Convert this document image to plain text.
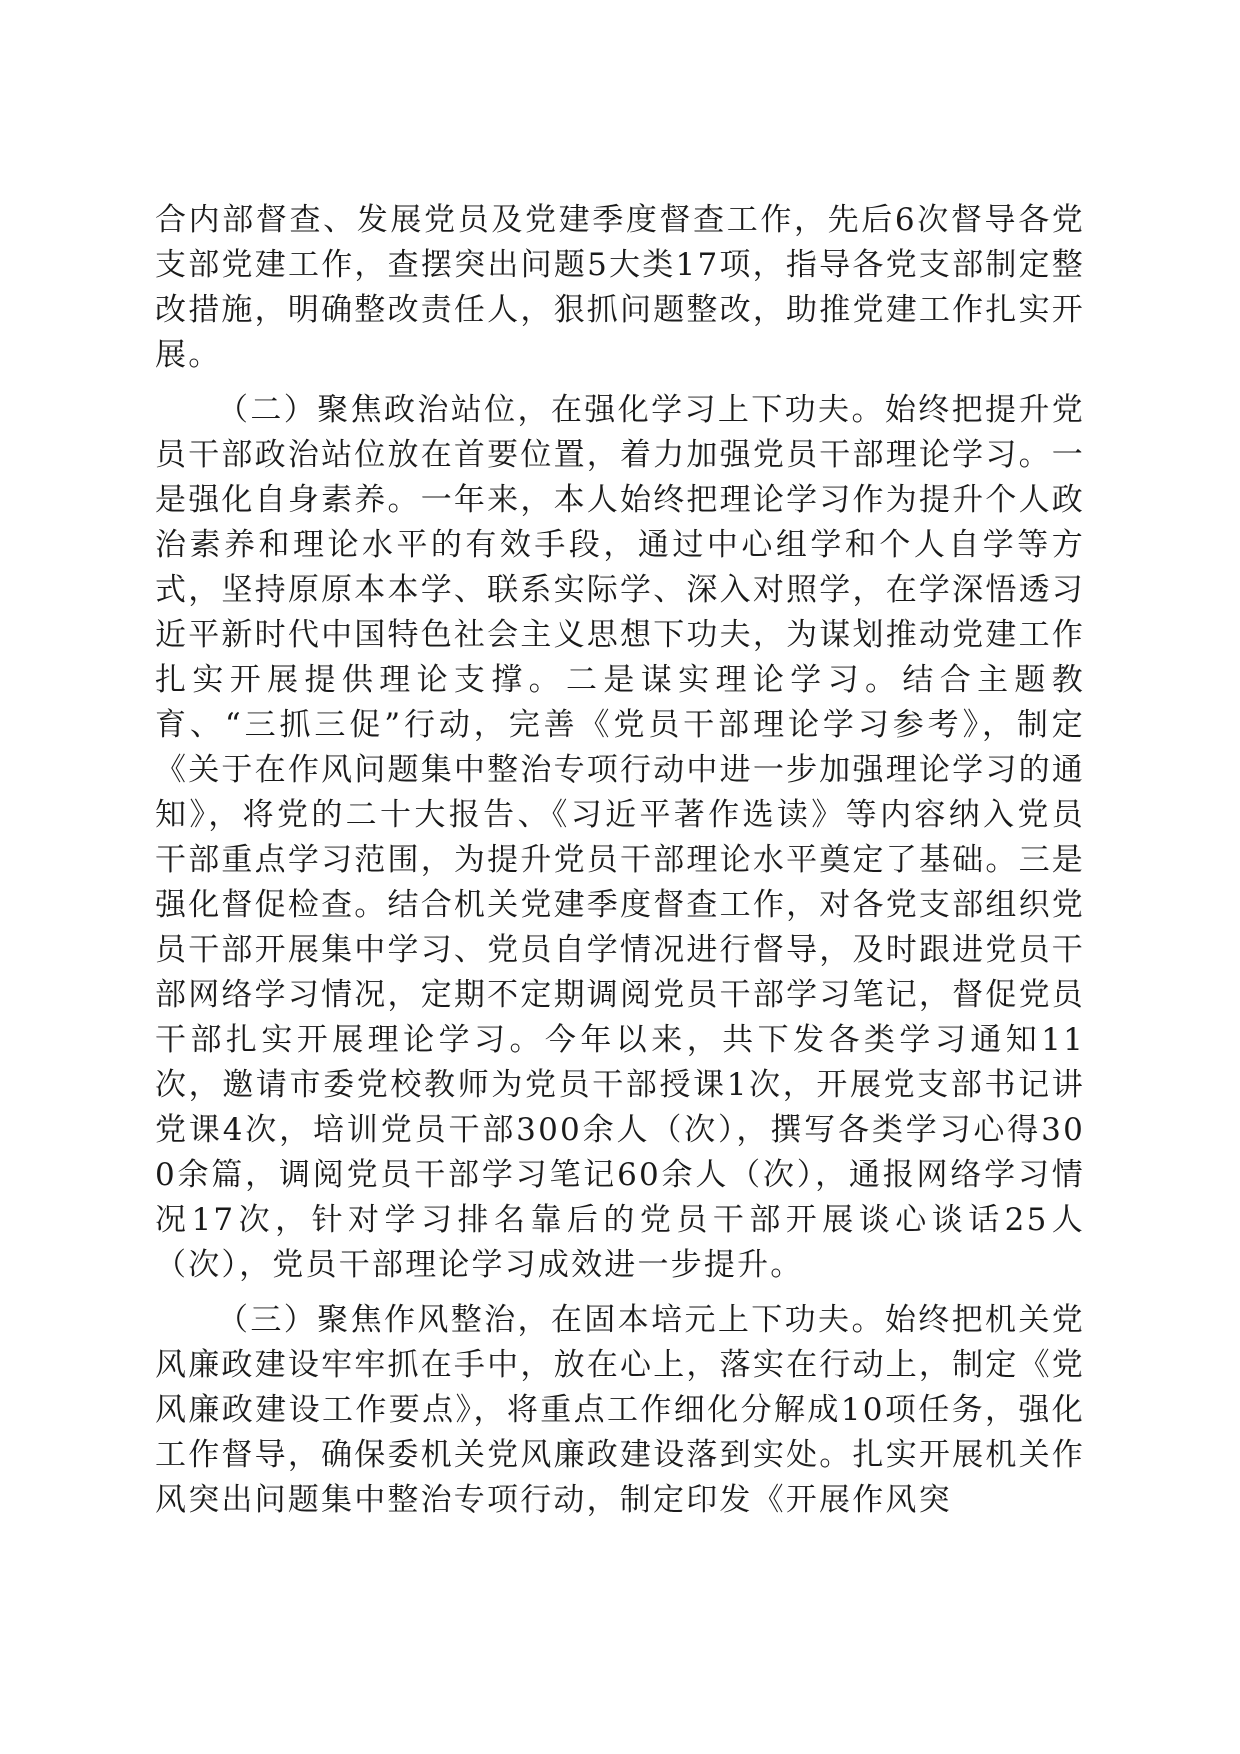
合内部督查、发展党员及党建季度督查工作，先后6次督导各党支部党建工作，查摆突出问题5大类17项，指导各党支部制定整改措施，明确整改责任人，狠抓问题整改，助推党建工作扎实开展。

（二）聚焦政治站位，在强化学习上下功夫。始终把提升党员干部政治站位放在首要位置，着力加强党员干部理论学习。一是强化自身素养。一年来，本人始终把理论学习作为提升个人政治素养和理论水平的有效手段，通过中心组学和个人自学等方式，坚持原原本本学、联系实际学、深入对照学，在学深悟透习近平新时代中国特色社会主义思想下功夫，为谋划推动党建工作扎实开展提供理论支撑。二是谋实理论学习。结合主题教育、“三抓三促”行动，完善《党员干部理论学习参考》，制定《关于在作风问题集中整治专项行动中进一步加强理论学习的通知》，将党的二十大报告、《习近平著作选读》等内容纳入党员干部重点学习范围，为提升党员干部理论水平奠定了基础。三是强化督促检查。结合机关党建季度督查工作，对各党支部组织党员干部开展集中学习、党员自学情况进行督导，及时跟进党员干部网络学习情况，定期不定期调阅党员干部学习笔记，督促党员干部扎实开展理论学习。今年以来，共下发各类学习通知11次，邀请市委党校教师为党员干部授课1次，开展党支部书记讲党课4次，培训党员干部300余人（次），撰写各类学习心得300余篇，调阅党员干部学习笔记60余人（次），通报网络学习情况17次，针对学习排名靠后的党员干部开展谈心谈话25人（次），党员干部理论学习成效进一步提升。

（三）聚焦作风整治，在固本培元上下功夫。始终把机关党风廉政建设牢牢抓在手中，放在心上，落实在行动上，制定《党风廉政建设工作要点》，将重点工作细化分解成10项任务，强化工作督导，确保委机关党风廉政建设落到实处。扎实开展机关作风突出问题集中整治专项行动，制定印发《开展作风突
